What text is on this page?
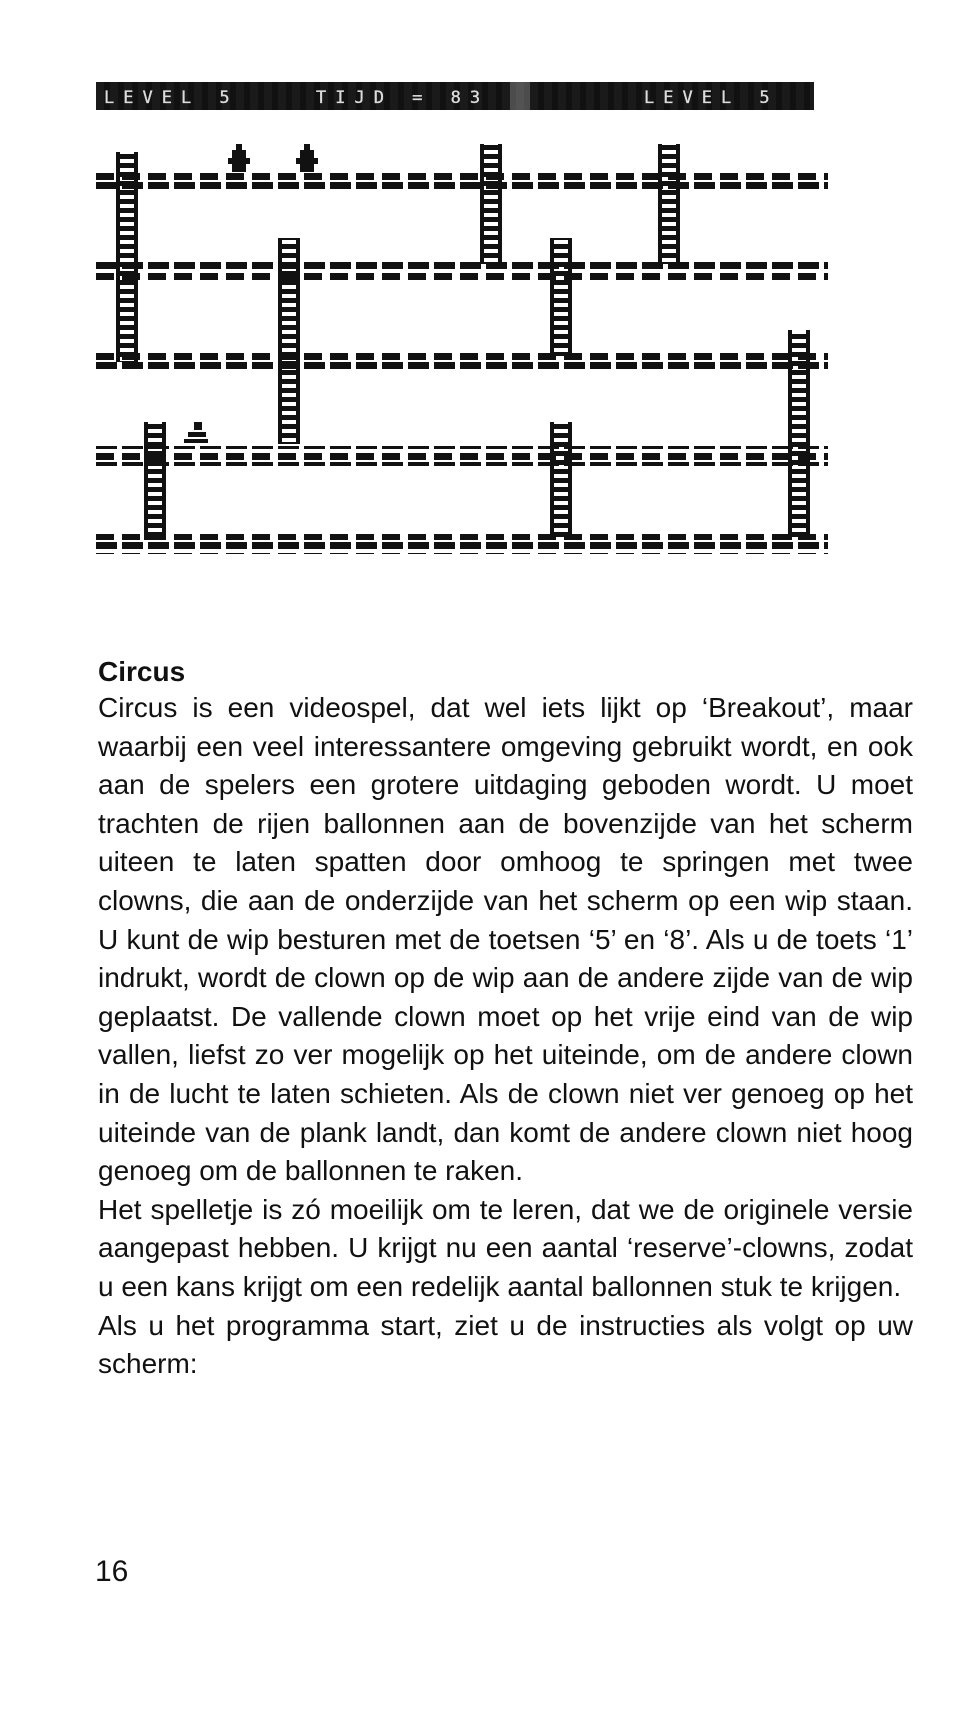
LEVEL 5	TIJD = 83	LEVEL 5
Circus

Circus is een videospel, dat wel iets lijkt op ‘Breakout’, maar waarbij een veel interessantere omgeving gebruikt wordt, en ook aan de spelers een grotere uitdaging geboden wordt. U moet trachten de rijen ballonnen aan de bovenzijde van het scherm uiteen te laten spatten door omhoog te springen met twee clowns, die aan de onderzijde van het scherm op een wip staan. U kunt de wip besturen met de toetsen ‘5’ en ‘8’. Als u de toets ‘1’ indrukt, wordt de clown op de wip aan de andere zijde van de wip geplaatst. De vallende clown moet op het vrije eind van de wip vallen, liefst zo ver mogelijk op het uiteinde, om de andere clown in de lucht te laten schieten. Als de clown niet ver genoeg op het uiteinde van de plank landt, dan komt de andere clown niet hoog genoeg om de ballonnen te raken.

Het spelletje is zó moeilijk om te leren, dat we de originele versie aangepast hebben. U krijgt nu een aantal ‘reserve’-clowns, zodat u een kans krijgt om een redelijk aantal ballonnen stuk te krijgen.

Als u het programma start, ziet u de instructies als volgt op uw scherm:

16
